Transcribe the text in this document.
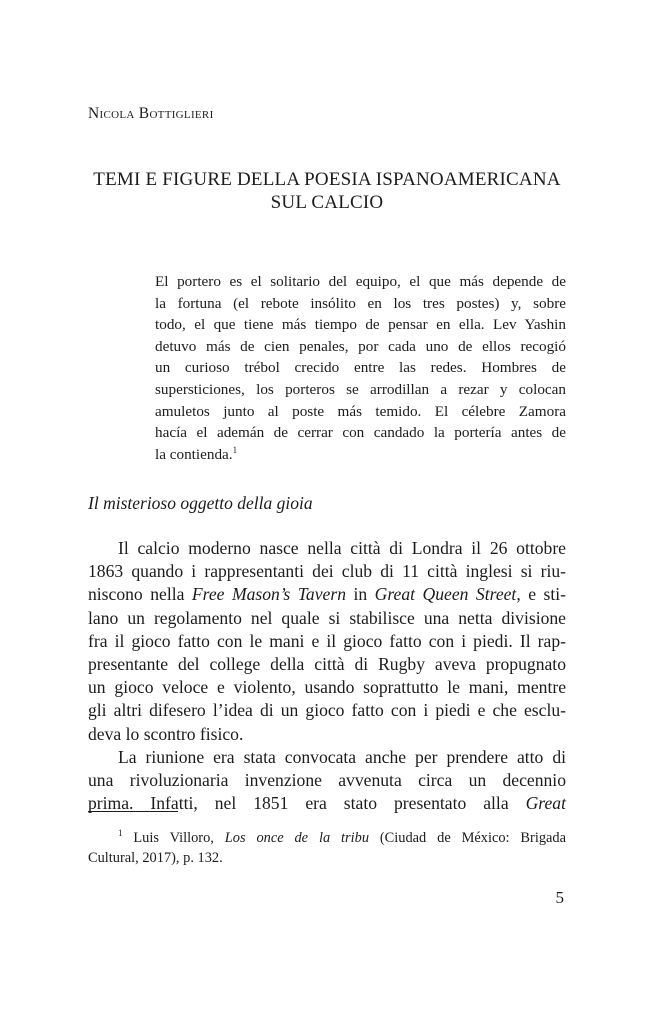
Nicola Bottiglieri
TEMI E FIGURE DELLA POESIA ISPANOAMERICANA
SUL CALCIO
El portero es el solitario del equipo, el que más depende de
la fortuna (el rebote insólito en los tres postes) y, sobre
todo, el que tiene más tiempo de pensar en ella. Lev Yashin
detuvo más de cien penales, por cada uno de ellos recogió
un curioso trébol crecido entre las redes. Hombres de
supersticiones, los porteros se arrodillan a rezar y colocan
amuletos junto al poste más temido. El célebre Zamora
hacía el ademán de cerrar con candado la portería antes de
la contienda.$^1$
Il misterioso oggetto della gioia
Il calcio moderno nasce nella città di Londra il 26 ottobre
1863 quando i rappresentanti dei club di 11 città inglesi si riu-
niscono nella Free Mason’s Tavern in Great Queen Street, e sti-
lano un regolamento nel quale si stabilisce una netta divisione
fra il gioco fatto con le mani e il gioco fatto con i piedi. Il rap-
presentante del college della città di Rugby aveva propugnato
un gioco veloce e violento, usando soprattutto le mani, mentre
gli altri difesero l’idea di un gioco fatto con i piedi e che esclu-
deva lo scontro fisico.
La riunione era stata convocata anche per prendere atto di
una rivoluzionaria invenzione avvenuta circa un decennio
prima. Infatti, nel 1851 era stato presentato alla Great
$^1$ Luis Villoro, Los once de la tribu (Ciudad de México: Brigada
Cultural, 2017), p. 132.
5
